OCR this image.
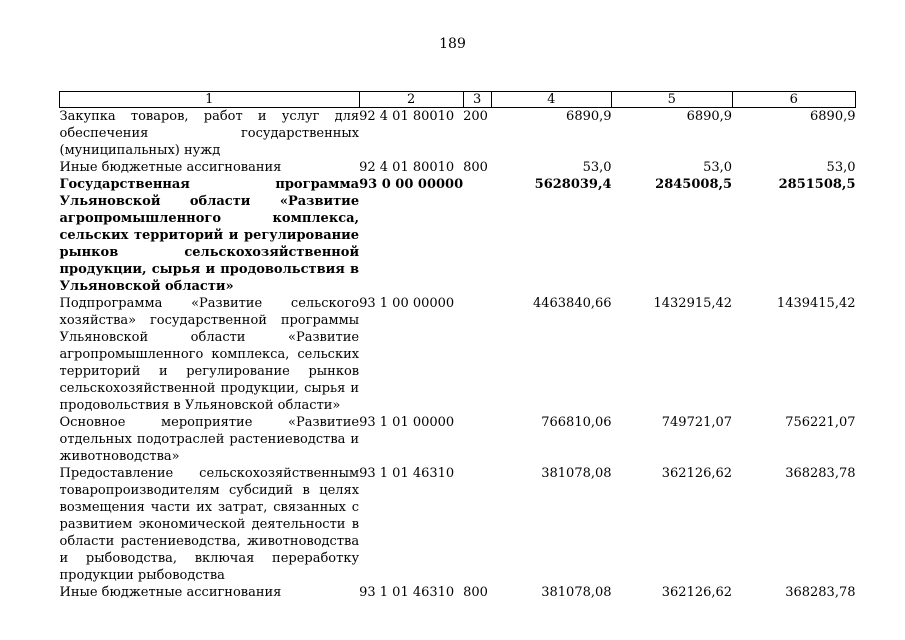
189
1	2	3	4	5	6
Закупка товаров, работ и услуг для обеспечения государственных (муниципальных) нужд	92 4 01 80010	200	6890,9	6890,9	6890,9
Иные бюджетные ассигнования	92 4 01 80010	800	53,0	53,0	53,0
Государственная программа Ульяновской области «Развитие агропромышленного комплекса, сельских территорий и регулирование рынков сельскохозяйственной продукции, сырья и продовольствия в Ульяновской области»	93 0 00 00000		5628039,4	2845008,5	2851508,5
Подпрограмма «Развитие сельского хозяйства» государственной программы Ульяновской области «Развитие агропромышленного комплекса, сельских территорий и регулирование рынков сельскохозяйственной продукции, сырья и продовольствия в Ульяновской области»	93 1 00 00000		4463840,66	1432915,42	1439415,42
Основное мероприятие «Развитие отдельных подотраслей растениеводства и животноводства»	93 1 01 00000		766810,06	749721,07	756221,07
Предоставление сельскохозяйственным товаропроизводителям субсидий в целях возмещения части их затрат, связанных с развитием экономической деятельности в области растениеводства, животноводства и рыбоводства, включая переработку продукции рыбоводства	93 1 01 46310		381078,08	362126,62	368283,78
Иные бюджетные ассигнования	93 1 01 46310	800	381078,08	362126,62	368283,78
